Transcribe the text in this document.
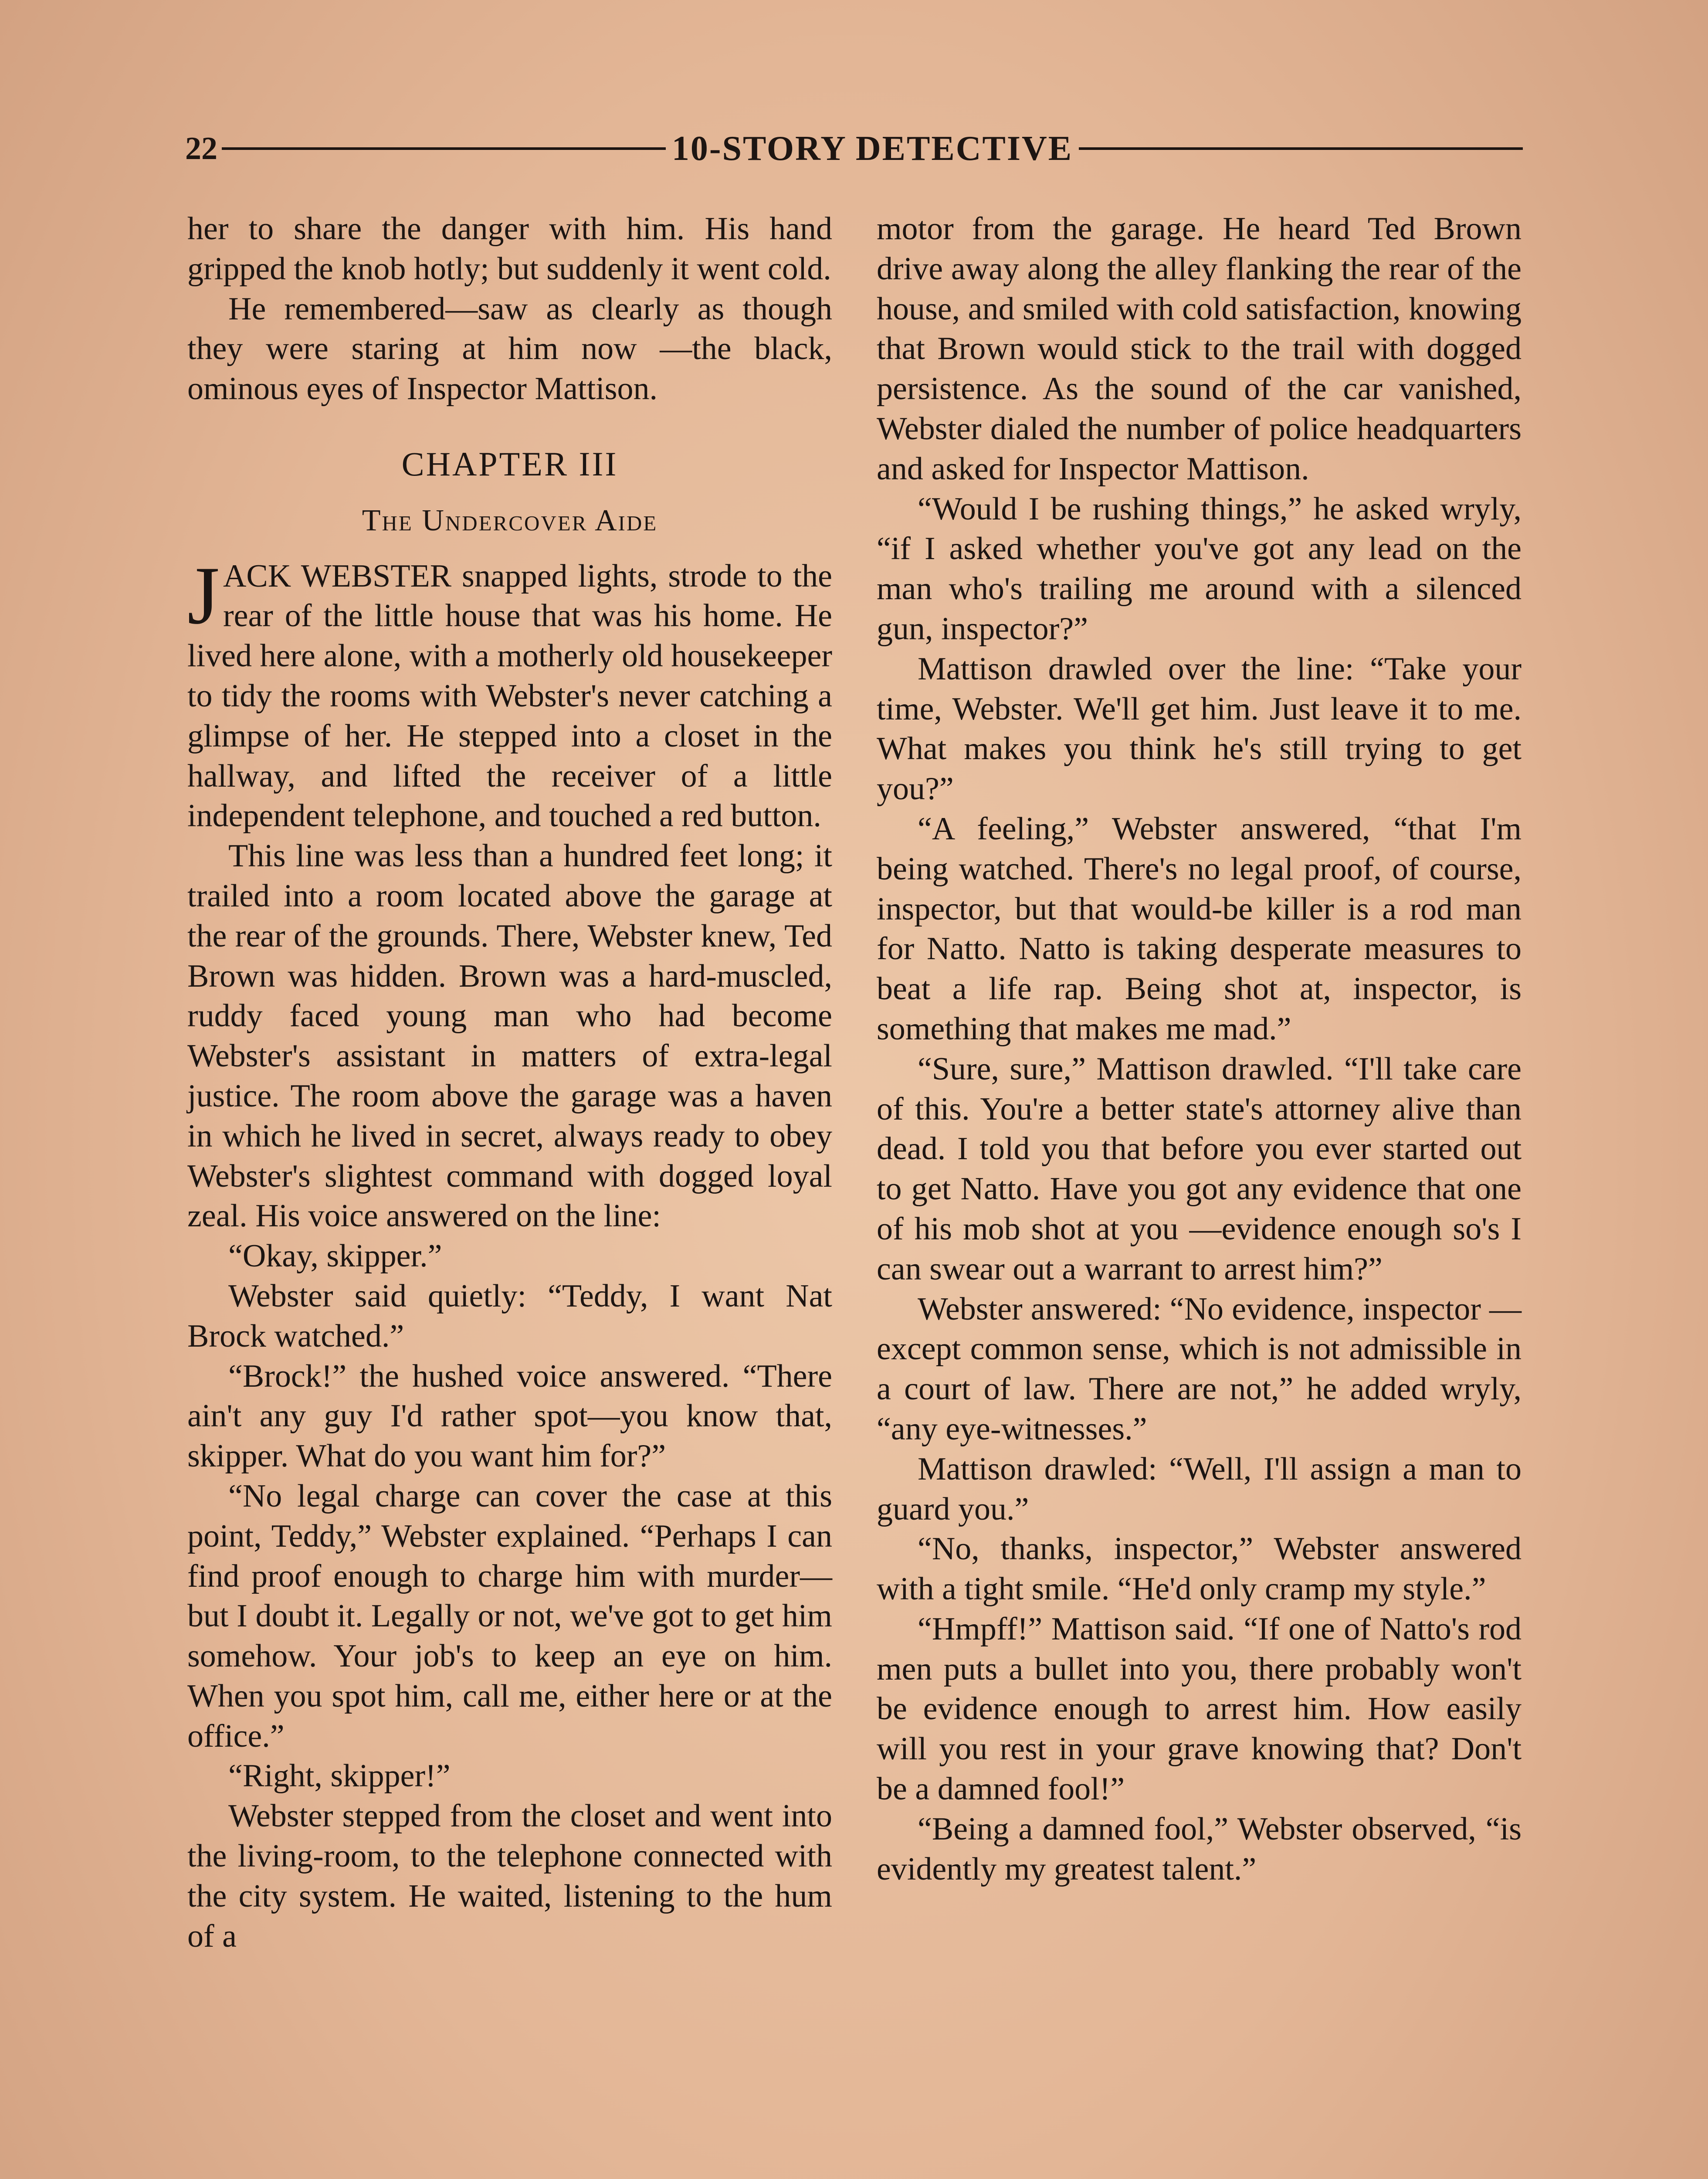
22	10-STORY DETECTIVE

her to share the danger with him. His hand gripped the knob hotly; but suddenly it went cold.

He remembered—saw as clearly as though they were staring at him now —the black, ominous eyes of Inspector Mattison.

CHAPTER III
The Undercover Aide

JACK WEBSTER snapped lights, strode to the rear of the little house that was his home. He lived here alone, with a motherly old housekeeper to tidy the rooms with Webster's never catching a glimpse of her. He stepped into a closet in the hallway, and lifted the receiver of a little independent telephone, and touched a red button.

This line was less than a hundred feet long; it trailed into a room located above the garage at the rear of the grounds. There, Webster knew, Ted Brown was hidden. Brown was a hard-muscled, ruddy faced young man who had become Webster's assistant in matters of extra-legal justice. The room above the garage was a haven in which he lived in secret, always ready to obey Webster's slightest command with dogged loyal zeal. His voice answered on the line:

“Okay, skipper.”

Webster said quietly: “Teddy, I want Nat Brock watched.”

“Brock!” the hushed voice answered. “There ain't any guy I'd rather spot—you know that, skipper. What do you want him for?”

“No legal charge can cover the case at this point, Teddy,” Webster explained. “Perhaps I can find proof enough to charge him with murder—but I doubt it. Legally or not, we've got to get him somehow. Your job's to keep an eye on him. When you spot him, call me, either here or at the office.”

“Right, skipper!”

Webster stepped from the closet and went into the living-room, to the telephone connected with the city system. He waited, listening to the hum of a

motor from the garage. He heard Ted Brown drive away along the alley flanking the rear of the house, and smiled with cold satisfaction, knowing that Brown would stick to the trail with dogged persistence. As the sound of the car vanished, Webster dialed the number of police headquarters and asked for Inspector Mattison.

“Would I be rushing things,” he asked wryly, “if I asked whether you've got any lead on the man who's trailing me around with a silenced gun, inspector?”

Mattison drawled over the line: “Take your time, Webster. We'll get him. Just leave it to me. What makes you think he's still trying to get you?”

“A feeling,” Webster answered, “that I'm being watched. There's no legal proof, of course, inspector, but that would-be killer is a rod man for Natto. Natto is taking desperate measures to beat a life rap. Being shot at, inspector, is something that makes me mad.”

“Sure, sure,” Mattison drawled. “I'll take care of this. You're a better state's attorney alive than dead. I told you that before you ever started out to get Natto. Have you got any evidence that one of his mob shot at you —evidence enough so's I can swear out a warrant to arrest him?”

Webster answered: “No evidence, inspector — except common sense, which is not admissible in a court of law. There are not,” he added wryly, “any eye-witnesses.”

Mattison drawled: “Well, I'll assign a man to guard you.”

“No, thanks, inspector,” Webster answered with a tight smile. “He'd only cramp my style.”

“Hmpff!” Mattison said. “If one of Natto's rod men puts a bullet into you, there probably won't be evidence enough to arrest him. How easily will you rest in your grave knowing that? Don't be a damned fool!”

“Being a damned fool,” Webster observed, “is evidently my greatest talent.”
